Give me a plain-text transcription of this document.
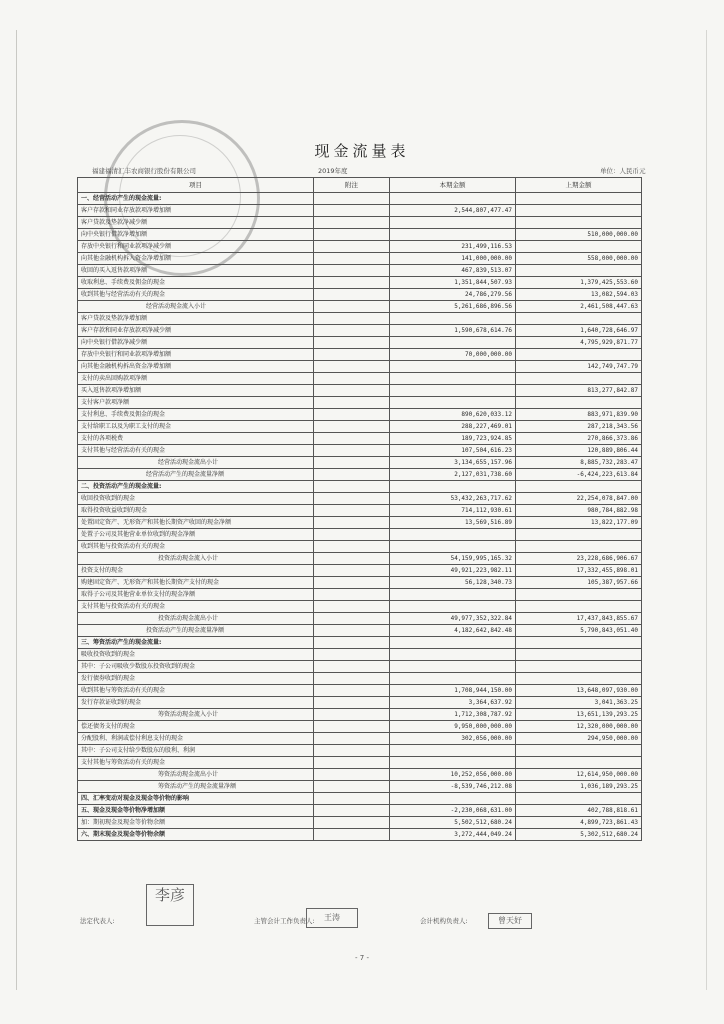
现金流量表
福建福清汇丰农商银行股份有限公司	2019年度	单位：人民币元
项目	附注	本期金额	上期金额
一、经营活动产生的现金流量:			
客户存款和同业存放款项净增加额		2,544,807,477.47	
客户贷款及垫款净减少额			
向中央银行借款净增加额			510,000,000.00
存放中央银行和同业款项净减少额		231,499,116.53	
向其他金融机构拆入资金净增加额		141,000,000.00	558,000,000.00
收回的买入返售款项净额		467,839,513.07	
收取利息、手续费及佣金的现金		1,351,844,507.93	1,379,425,553.60
收到其他与经营活动有关的现金		24,786,279.56	13,082,594.03
经营活动现金流入小计		5,261,686,896.56	2,461,508,447.63
客户贷款及垫款净增加额			
客户存款和同业存放款项净减少额		1,590,678,614.76	1,640,728,646.97
向中央银行借款净减少额			4,795,929,871.77
存放中央银行和同业款项净增加额		70,000,000.00	
向其他金融机构拆出资金净增加额			142,749,747.79
支付的卖出回购款项净额			
买入返售款项净增加额			813,277,842.87
支付客户款项净额			
支付利息、手续费及佣金的现金		890,620,033.12	883,971,839.90
支付给职工以及为职工支付的现金		288,227,469.01	287,218,343.56
支付的各项税费		189,723,924.85	270,866,373.86
支付其他与经营活动有关的现金		107,504,616.23	120,889,806.44
经营活动现金流出小计		3,134,655,157.96	8,885,732,283.47
经营活动产生的现金流量净额		2,127,031,738.60	-6,424,223,613.84
二、投资活动产生的现金流量:			
收回投资收到的现金		53,432,263,717.62	22,254,078,847.00
取得投资收益收到的现金		714,112,930.61	980,784,882.98
处置固定资产、无形资产和其他长期资产收回的现金净额		13,569,516.89	13,822,177.09
处置子公司及其他营业单位收到的现金净额			
收到其他与投资活动有关的现金			
投资活动现金流入小计		54,159,995,165.32	23,228,686,906.67
投资支付的现金		49,921,223,982.11	17,332,455,898.01
购建固定资产、无形资产和其他长期资产支付的现金		56,128,340.73	105,387,957.66
取得子公司及其他营业单位支付的现金净额			
支付其他与投资活动有关的现金			
投资活动现金流出小计		49,977,352,322.84	17,437,843,855.67
投资活动产生的现金流量净额		4,182,642,842.48	5,790,843,051.40
三、筹资活动产生的现金流量:			
吸收投资收到的现金			
其中：子公司吸收少数股东投资收到的现金			
发行债券收到的现金			
收到其他与筹资活动有关的现金		1,708,944,150.00	13,648,097,930.00
发行存款证收到的现金		3,364,637.92	3,041,363.25
筹资活动现金流入小计		1,712,308,787.92	13,651,139,293.25
偿还债务支付的现金		9,950,000,000.00	12,320,000,000.00
分配股利、利润或偿付利息支付的现金		302,056,000.00	294,950,000.00
其中：子公司支付给少数股东的股利、利润			
支付其他与筹资活动有关的现金			
筹资活动现金流出小计		10,252,056,000.00	12,614,950,000.00
筹资活动产生的现金流量净额		-8,539,746,212.08	1,036,189,293.25
四、汇率变动对现金及现金等价物的影响			
五、现金及现金等价物净增加额		-2,230,068,631.00	402,788,818.61
加：期初现金及现金等价物余额		5,502,512,680.24	4,899,723,861.43
六、期末现金及现金等价物余额		3,272,444,049.24	5,302,512,680.24
法定代表人:
李彦
主管会计工作负责人:	王涛	会计机构负责人:	曾天好
- 7 -
